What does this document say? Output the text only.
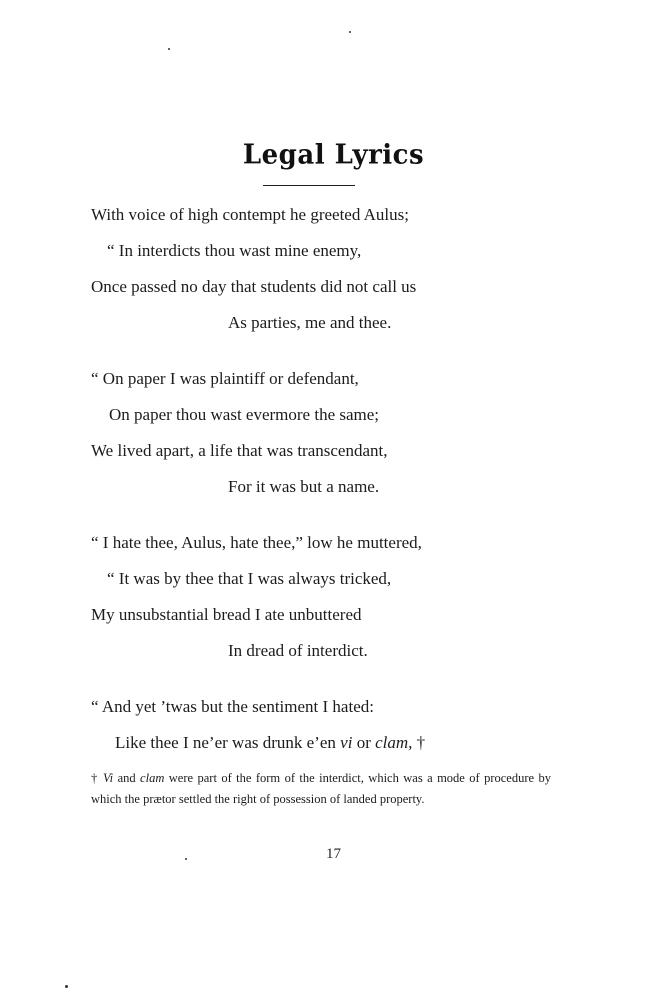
Legal Lyrics
With voice of high contempt he greeted Aulus;
“ In interdicts thou wast mine enemy,
Once passed no day that students did not call us
As parties, me and thee.
“ On paper I was plaintiff or defendant,
On paper thou wast evermore the same;
We lived apart, a life that was transcendant,
For it was but a name.
“ I hate thee, Aulus, hate thee,” low he muttered,
“ It was by thee that I was always tricked,
My unsubstantial bread I ate unbuttered
In dread of interdict.
“ And yet ’twas but the sentiment I hated:
Like thee I ne’er was drunk e’en vi or clam, †
† Vi and clam were part of the form of the interdict, which was a mode of procedure by which the prætor settled the right of possession of landed property.
17
